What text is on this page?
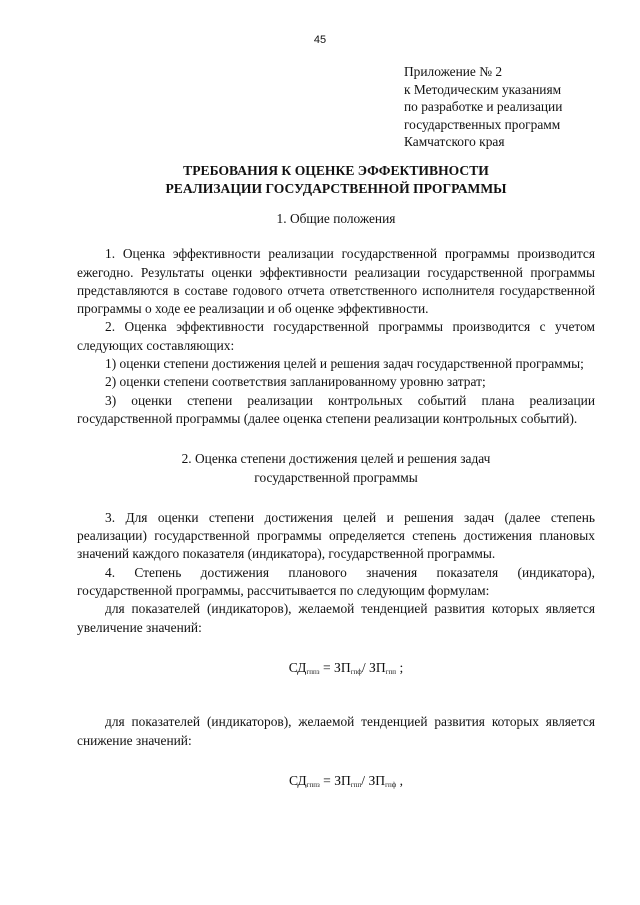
45
Приложение № 2
к Методическим указаниям
по разработке и реализации
государственных программ
Камчатского края
ТРЕБОВАНИЯ К ОЦЕНКЕ ЭФФЕКТИВНОСТИ
РЕАЛИЗАЦИИ ГОСУДАРСТВЕННОЙ ПРОГРАММЫ

1. Общие положения

1. Оценка эффективности реализации государственной программы производится ежегодно. Результаты оценки эффективности реализации государственной программы представляются в составе годового отчета ответственного исполнителя государственной программы о ходе ее реализации и об оценке эффективности.

2. Оценка эффективности государственной программы производится с учетом следующих составляющих:

1) оценки степени достижения целей и решения задач государственной программы;

2) оценки степени соответствия запланированному уровню затрат;

3) оценки степени реализации контрольных событий плана реализации государственной программы (далее оценка степени реализации контрольных событий).

2. Оценка степени достижения целей и решения задач
государственной программы

3. Для оценки степени достижения целей и решения задач (далее степень реализации) государственной программы определяется степень достижения плановых значений каждого показателя (индикатора), государственной программы.

4. Степень достижения планового значения показателя (индикатора), государственной программы, рассчитывается по следующим формулам:

для показателей (индикаторов), желаемой тенденцией развития которых является увеличение значений:

$СД_{гппз} = ЗП_{гпф}/$ $ЗП_{гпп}$ ;

для показателей (индикаторов), желаемой тенденцией развития которых является снижение значений:

$СД_{гппз} = ЗП_{гпп}/$ $ЗП_{гпф}$ ,
